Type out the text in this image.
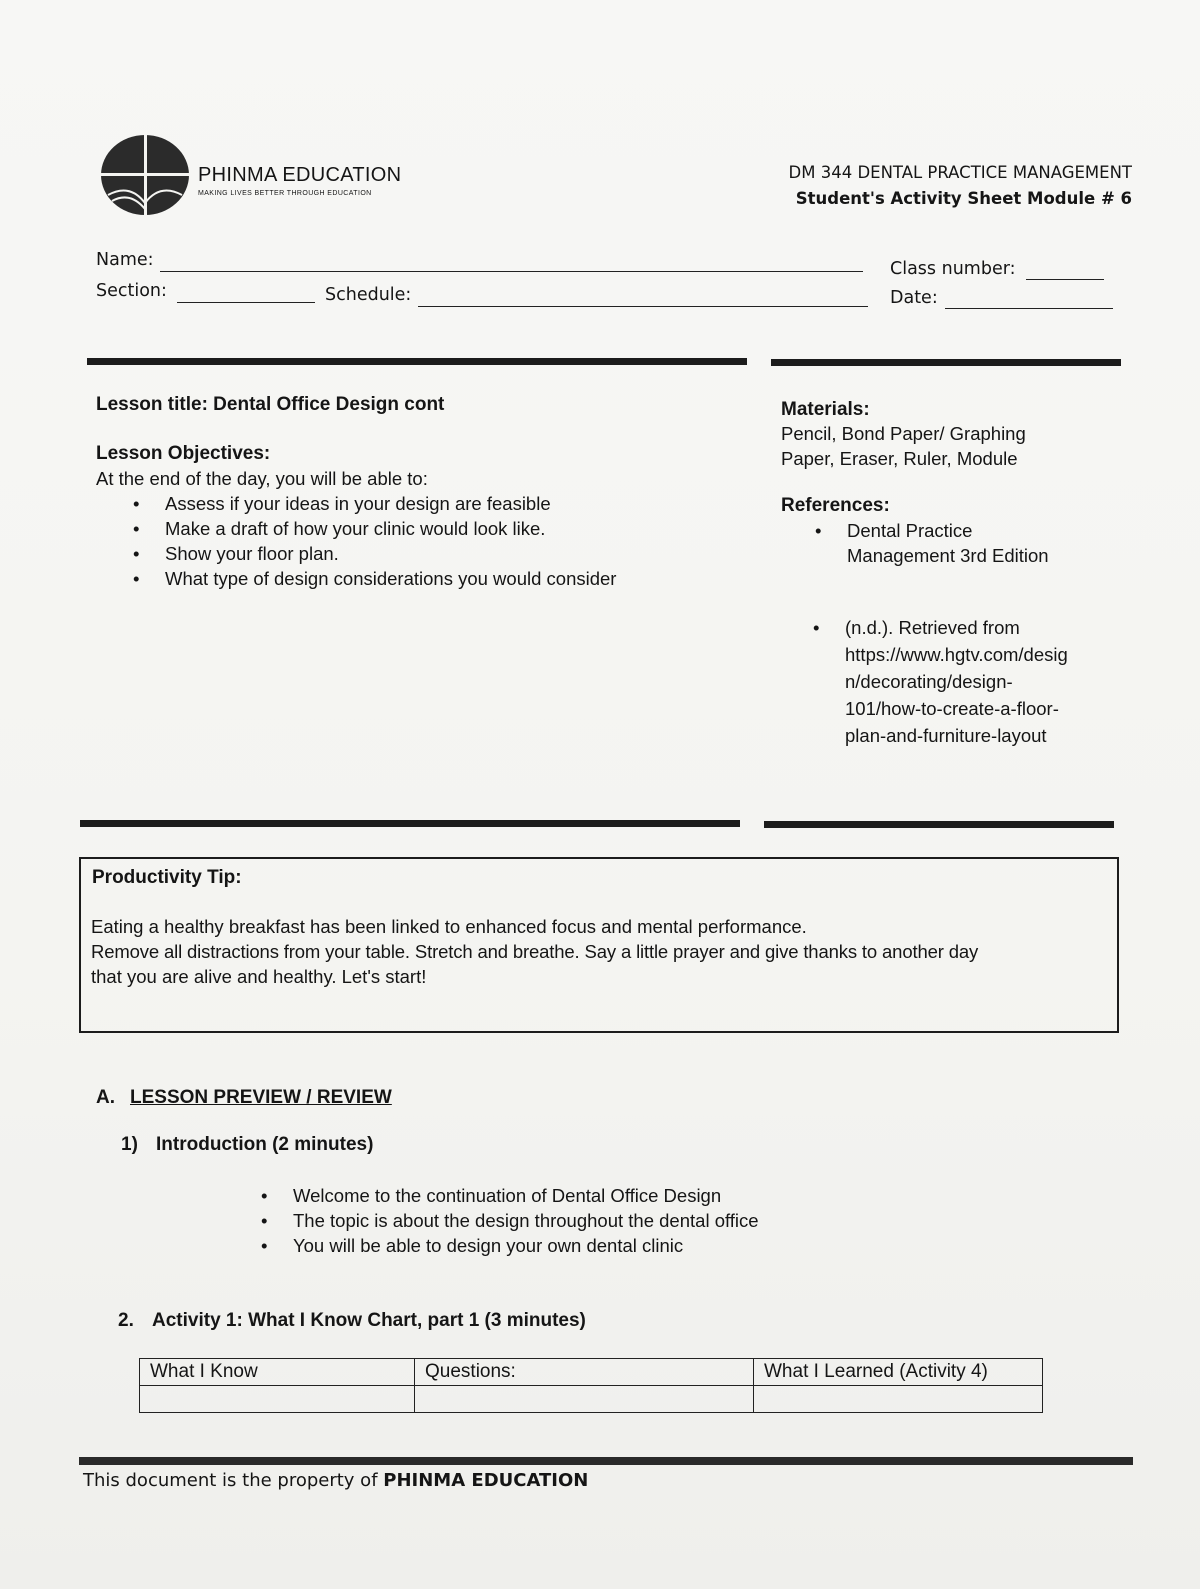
PHINMA EDUCATION
MAKING LIVES BETTER THROUGH EDUCATION
DM 344 DENTAL PRACTICE MANAGEMENT
Student's Activity Sheet Module # 6
Name:
Section:	Schedule:
Class number:
Date:
Lesson title: Dental Office Design cont
Lesson Objectives:
At the end of the day, you will be able to:
• Assess if your ideas in your design are feasible
• Make a draft of how your clinic would look like.
• Show your floor plan.
• What type of design considerations you would consider
Materials:
Pencil, Bond Paper/ Graphing
Paper, Eraser, Ruler, Module
References:
• Dental Practice
Management 3rd Edition
• (n.d.). Retrieved from
https://www.hgtv.com/desig
n/decorating/design-
101/how-to-create-a-floor-
plan-and-furniture-layout
Productivity Tip:
Eating a healthy breakfast has been linked to enhanced focus and mental performance.
Remove all distractions from your table. Stretch and breathe. Say a little prayer and give thanks to another day
that you are alive and healthy. Let's start!
A. LESSON PREVIEW / REVIEW
1) Introduction (2 minutes)
• Welcome to the continuation of Dental Office Design
• The topic is about the design throughout the dental office
• You will be able to design your own dental clinic
2. Activity 1: What I Know Chart, part 1 (3 minutes)
What I Know	Questions:	What I Learned (Activity 4)

This document is the property of PHINMA EDUCATION
